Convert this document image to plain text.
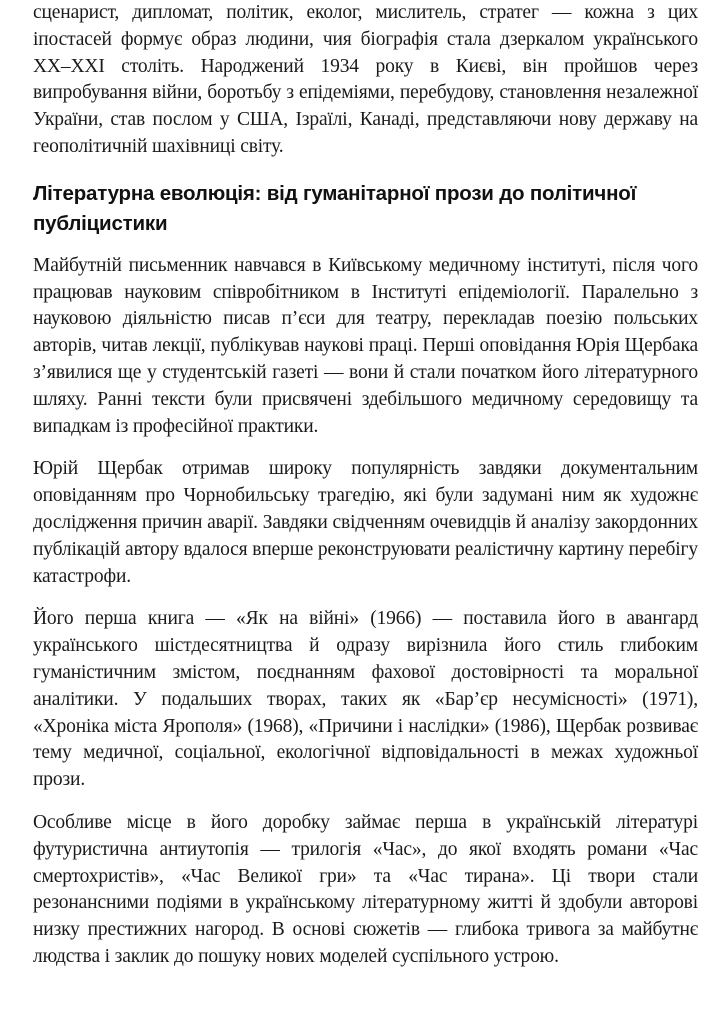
сценарист, дипломат, політик, еколог, мислитель, стратег — кожна з цих іпостасей формує образ людини, чия біографія стала дзеркалом українського XX–XXI століть. Народжений 1934 року в Києві, він пройшов через випробування війни, боротьбу з епідеміями, перебудову, становлення незалежної України, став послом у США, Ізраїлі, Канаді, представляючи нову державу на геополітичній шахівниці світу.

Літературна еволюція: від гуманітарної прози до політичної публіцистики

Майбутній письменник навчався в Київському медичному інституті, після чого працював науковим співробітником в Інституті епідеміології. Паралельно з науковою діяльністю писав п’єси для театру, перекладав поезію польських авторів, читав лекції, публікував наукові праці. Перші оповідання Юрія Щербака з’явилися ще у студентській газеті — вони й стали початком його літературного шляху. Ранні тексти були присвячені здебільшого медичному середовищу та випадкам із професійної практики.

Юрій Щербак отримав широку популярність завдяки документальним оповіданням про Чорнобильську трагедію, які були задумані ним як художнє дослідження причин аварії. Завдяки свідченням очевидців й аналізу закордонних публікацій автору вдалося вперше реконструювати реалістичну картину перебігу катастрофи.

Його перша книга — «Як на війні» (1966) — поставила його в авангард українського шістдесятництва й одразу вирізнила його стиль глибоким гуманістичним змістом, поєднанням фахової достовірності та моральної аналітики. У подальших творах, таких як «Бар’єр несумісності» (1971), «Хроніка міста Ярополя» (1968), «Причини і наслідки» (1986), Щербак розвиває тему медичної, соціальної, екологічної відповідальності в межах художньої прози.

Особливе місце в його доробку займає перша в українській літературі футуристична антиутопія — трилогія «Час», до якої входять романи «Час смертохристів», «Час Великої гри» та «Час тирана». Ці твори стали резонансними подіями в українському літературному житті й здобули авторові низку престижних нагород. В основі сюжетів — глибока тривога за майбутнє людства і заклик до пошуку нових моделей суспільного устрою.
